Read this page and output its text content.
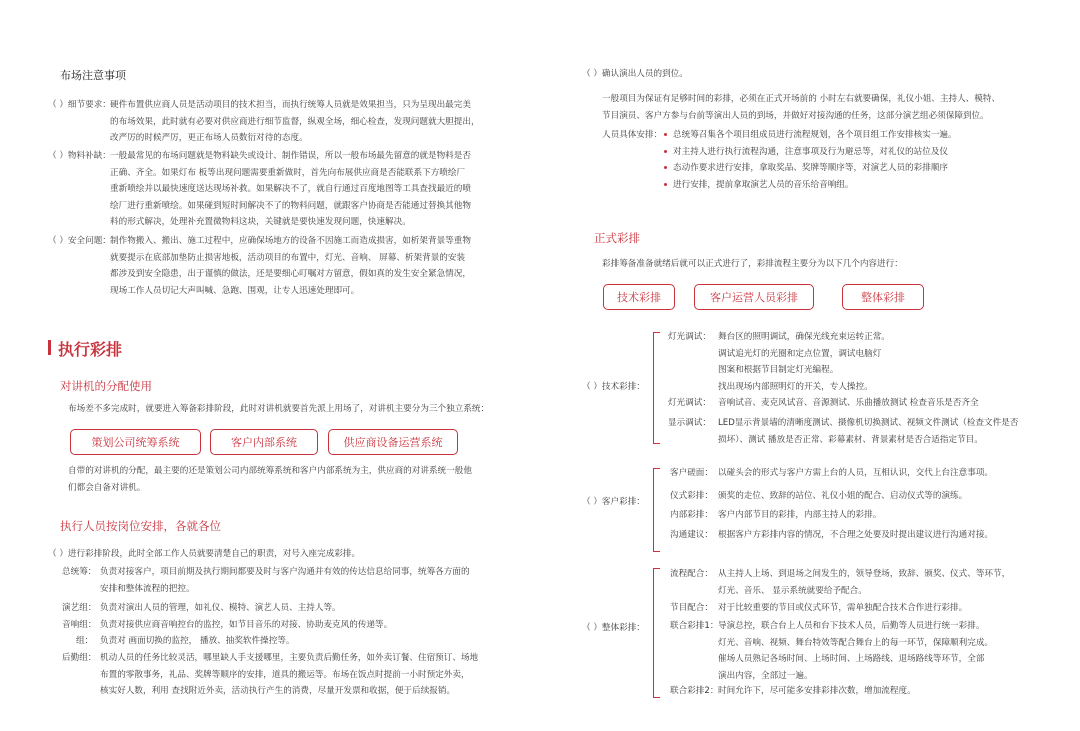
布场注意事项
（ ）细节要求： 硬件布置供应商人员是活动项目的技术担当，而执行统筹人员就是效果担当，只为呈现出最完美
的布场效果，此时就有必要对供应商进行细节监督，纵观全场，细心检查，发现问题就大胆提出，
改严厉的时候严厉，更正布场人员数衍对待的态度。
（ ）物料补缺： 一般最常见的布场问题就是物料缺失或设计、制作错误，所以一般布场最先留意的就是物料是否
正确、齐全。如果灯布 板等出现问题需要重新做时，首先向布展供应商是否能联系下方喷绘厂
重新喷绘并以最快速度送达现场补救。如果解决不了，就自行通过百度地图等工具查找最近的喷
绘厂进行重新喷绘。如果碰到短时间解决不了的物料问题，就跟客户协商是否能通过替换其他物
料的形式解决，处理补充置微物料这块，关键就是要快速发现问题，快速解决。
（ ）安全问题： 制作物搬入、搬出、施工过程中，应确保场地方的设备不因施工而造成损害，如析架背景等重物
就要提示在底部加垫防止损害地板，活动项目的布置中，灯光、音响、 屏幕、析架背景的安装
都涉及到安全隐患，出于谨慎的做法，还是要细心叮嘱对方留意，假如真的发生安全紧急情况，
现场工作人员切记大声叫喊、急跑、围观，让专人迅速处理即可。
执行彩排
对讲机的分配使用
布场差不多完成时，就要进入筹备彩排阶段，此时对讲机就要首先派上用场了，对讲机主要分为三个独立系统：
策划公司统筹系统	客户内部系统	供应商设备运营系统
自带的对讲机的分配，最主要的还是策划公司内部统筹系统和客户内部系统为主，供应商的对讲系统一般他
们都会自备对讲机。
执行人员按岗位安排，各就各位
（ ）进行彩排阶段，此时全部工作人员就要清楚自己的职责，对号入座完成彩排。
总统筹： 负责对接客户，项目前期及执行期间都要及时与客户沟通并有效的传达信息给同事，统筹各方面的
安排和整体流程的把控。
演艺组： 负责对演出人员的管理，如礼仪、模特、演艺人员、主持人等。
音响组： 负责对接供应商音响控台的监控，如节目音乐的对接、协助麦克风的传递等。
组： 负责对 画面切换的监控， 播放、抽奖软件操控等。
后勤组： 机动人员的任务比较灵活，哪里缺人手支援哪里，主要负责后勤任务，如外卖订餐、住宿预订、场地
布置的零散事务，礼品、奖牌等顺序的安排，道具的搬运等。布场在饭点时提前一小时预定外卖，
核实好人数，利用 查找附近外卖，活动执行产生的消费，尽量开发票和收据，便于后续报销。
（ ）确认演出人员的到位。
一般项目为保证有足够时间的彩排，必须在正式开场前的 小时左右就要确保，礼仪小姐、主持人、模特、
节目演员、客户方参与台前等演出人员的到场，并做好对接沟通的任务，这部分演艺组必须保障到位。
人员具体安排：	总统筹召集各个项目组成员进行流程规划，各个项目组工作安排核实一遍。
对主持人进行执行流程沟通，注意事项及行为避忌等，对礼仪的站位及仪
态动作要求进行安排，拿取奖品、奖牌等顺序等，对演艺人员的彩排顺序
进行安排，提前拿取演艺人员的音乐给音响组。
正式彩排
彩排筹备准备就绪后就可以正式进行了，彩排流程主要分为以下几个内容进行：
技术彩排	客户运营人员彩排	整体彩排
（ ）技术彩排：
灯光调试： 舞台区的照明调试，确保光线充束运转正常。
调试追光灯的光圈和定点位置，调试电脑灯
图案和根据节目制定灯光编程。
找出现场内部照明灯的开关，专人操控。
灯光调试： 音响试音、麦克风试音、音源测试、乐曲播放测试 检查音乐是否齐全
显示调试： LED显示背景墙的清晰度测试、摄像机切换测试、视频文件测试（检查文件是否
损坏）、测试 播放是否正常、彩幕素材、背景素材是否合适指定节目。
（ ）客户彩排：
客户磋面： 以碰头会的形式与客户方需上台的人员，互相认识，交代上台注意事项。
仪式彩排： 颁奖的走位、致辞的站位、礼仪小姐的配合、启动仪式等的演练。
内部彩排： 客户内部节目的彩排，内部主持人的彩排。
沟通建议： 根据客户方彩排内容的情况，不合理之处要及时提出建议进行沟通对接。
（ ）整体彩排：
流程配合： 从主持人上场、到退场之间发生的，领导登场，致辞、颁奖、仪式、等环节，
灯光、音乐、 显示系统就要给予配合。
节目配合： 对于比较重要的节目或仪式环节，需单独配合技术合作进行彩排。
联合彩排1： 导演总控，联合台上人员和台下技术人员，后勤等人员进行统一彩排。
灯光、音响、视频、舞台特效等配合舞台上的每一环节，保障顺利完成。
催场人员熟记各场时间、上场时间、上场路线、退场路线等环节，全部
演出内容，全部过一遍。
联合彩排2： 时间允许下，尽可能多安排彩排次数，增加流程度。
